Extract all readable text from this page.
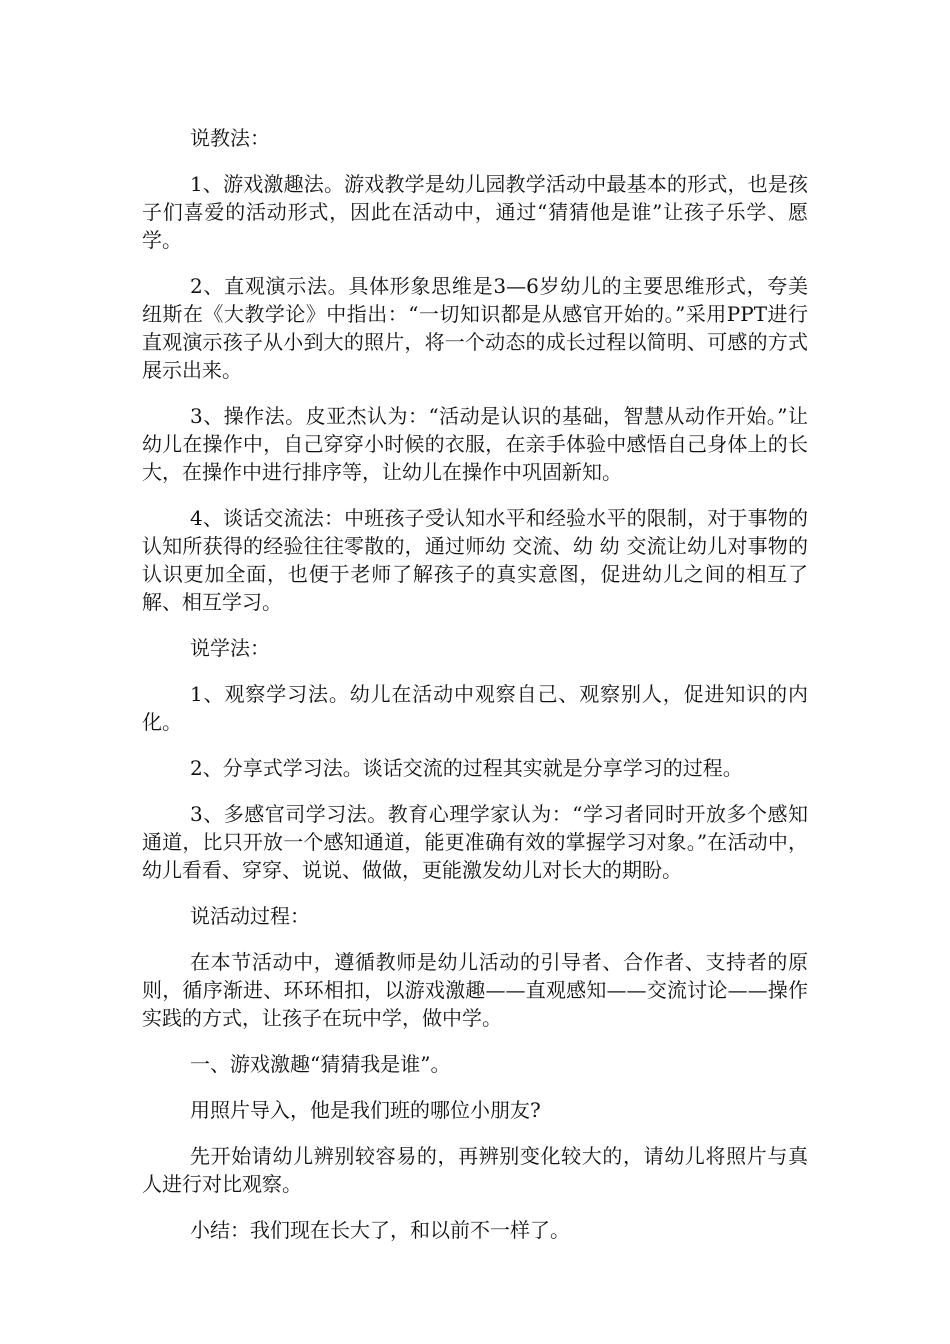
说教法：

1、游戏激趣法。游戏教学是幼儿园教学活动中最基本的形式，也是孩子们喜爱的活动形式，因此在活动中，通过“猜猜他是谁”让孩子乐学、愿学。

2、直观演示法。具体形象思维是3—6岁幼儿的主要思维形式，夸美纽斯在《大教学论》中指出：“一切知识都是从感官开始的。”采用PPT进行直观演示孩子从小到大的照片，将一个动态的成长过程以简明、可感的方式展示出来。

3、操作法。皮亚杰认为：“活动是认识的基础，智慧从动作开始。”让幼儿在操作中，自己穿穿小时候的衣服，在亲手体验中感悟自己身体上的长大，在操作中进行排序等，让幼儿在操作中巩固新知。

4、谈话交流法：中班孩子受认知水平和经验水平的限制，对于事物的认知所获得的经验往往零散的，通过师幼 交流、幼 幼 交流让幼儿对事物的认识更加全面，也便于老师了解孩子的真实意图，促进幼儿之间的相互了解、相互学习。

说学法：

1、观察学习法。幼儿在活动中观察自己、观察别人，促进知识的内化。

2、分享式学习法。谈话交流的过程其实就是分享学习的过程。

3、多感官司学习法。教育心理学家认为：“学习者同时开放多个感知通道，比只开放一个感知通道，能更准确有效的掌握学习对象。”在活动中，幼儿看看、穿穿、说说、做做，更能激发幼儿对长大的期盼。

说活动过程：

在本节活动中，遵循教师是幼儿活动的引导者、合作者、支持者的原则，循序渐进、环环相扣，以游戏激趣——直观感知——交流讨论——操作实践的方式，让孩子在玩中学，做中学。

一、游戏激趣“猜猜我是谁”。

用照片导入，他是我们班的哪位小朋友?

先开始请幼儿辨别较容易的，再辨别变化较大的，请幼儿将照片与真人进行对比观察。

小结：我们现在长大了，和以前不一样了。
